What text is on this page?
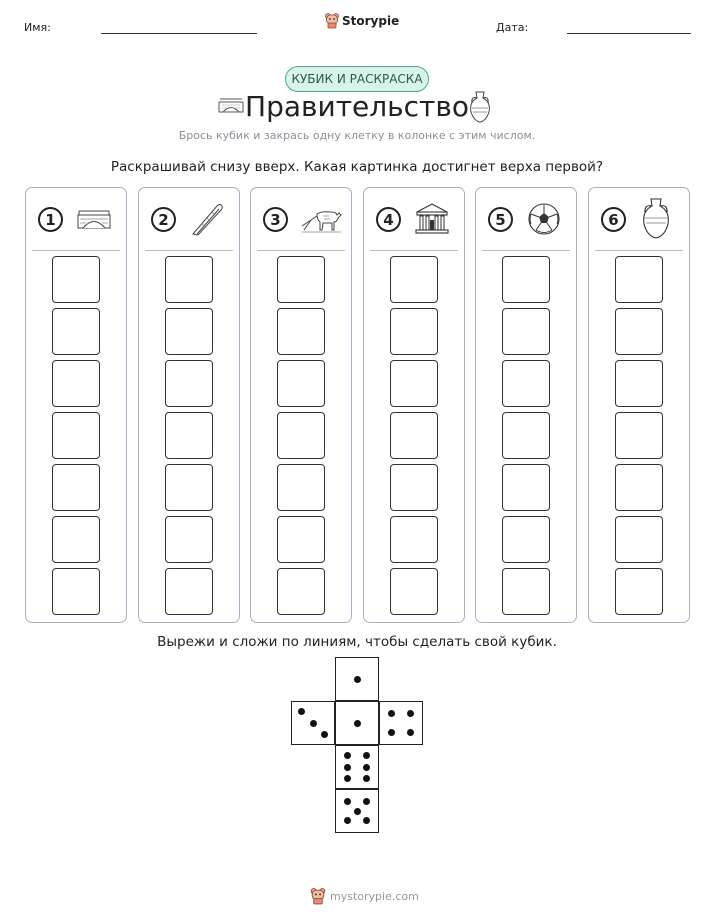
Имя:	Дата:
Storypie
КУБИК И РАСКРАСКА
Правительство
Брось кубик и закрась одну клетку в колонке с этим числом.
Раскрашивай снизу вверх. Какая картинка достигнет верха первой?
1	2	3	4	5	6
Вырежи и сложи по линиям, чтобы сделать свой кубик.
mystorypie.com
